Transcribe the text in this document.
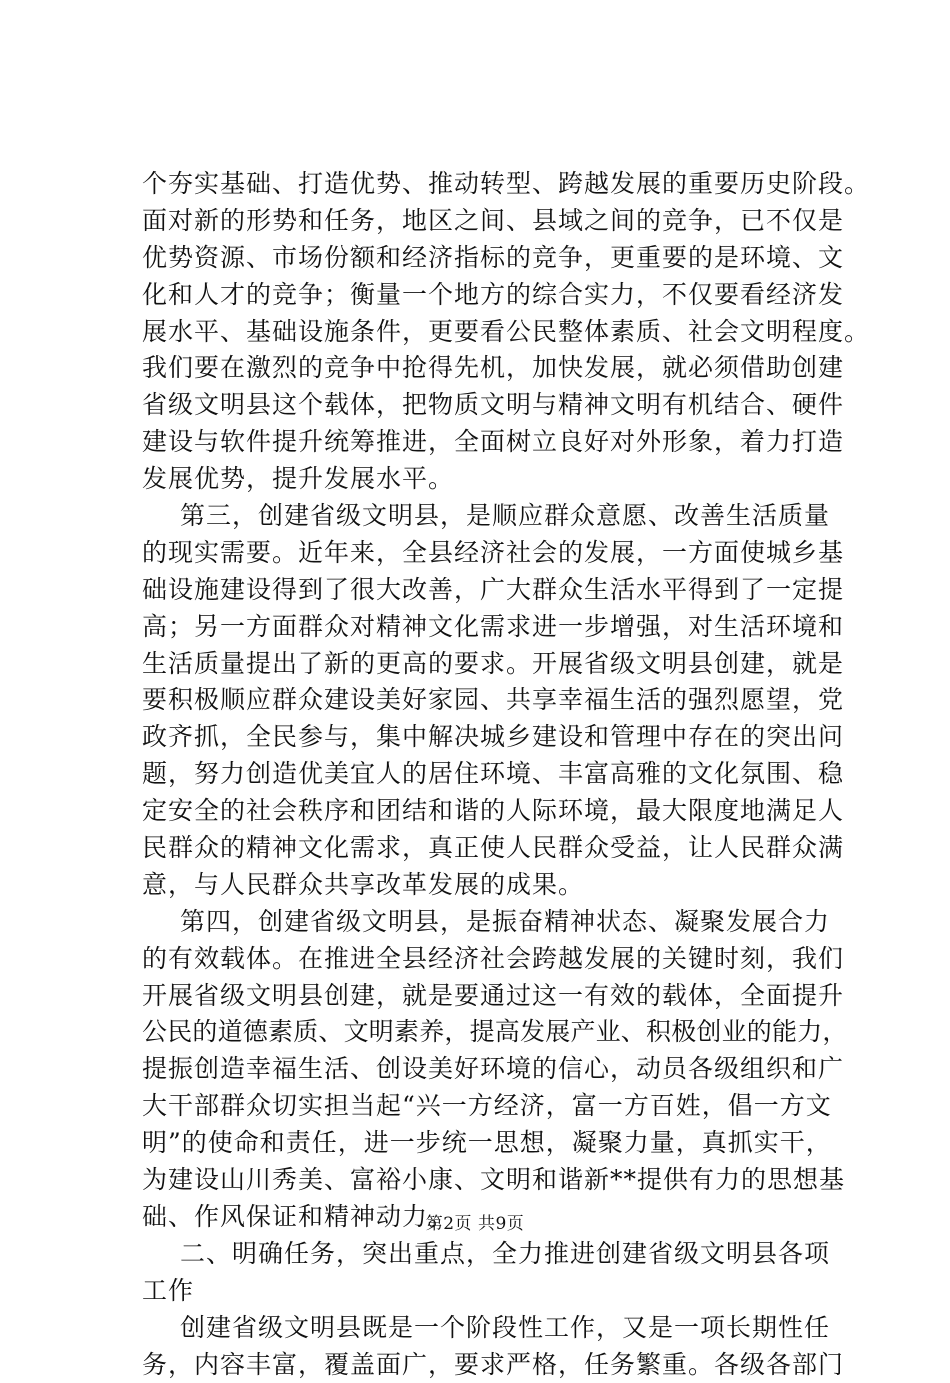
个夯实基础、打造优势、推动转型、跨越发展的重要历史阶段。
面对新的形势和任务，地区之间、县域之间的竞争，已不仅是
优势资源、市场份额和经济指标的竞争，更重要的是环境、文
化和人才的竞争；衡量一个地方的综合实力，不仅要看经济发
展水平、基础设施条件，更要看公民整体素质、社会文明程度。
我们要在激烈的竞争中抢得先机，加快发展，就必须借助创建
省级文明县这个载体，把物质文明与精神文明有机结合、硬件
建设与软件提升统筹推进，全面树立良好对外形象，着力打造
发展优势，提升发展水平。
第三，创建省级文明县，是顺应群众意愿、改善生活质量
的现实需要。近年来，全县经济社会的发展，一方面使城乡基
础设施建设得到了很大改善，广大群众生活水平得到了一定提
高；另一方面群众对精神文化需求进一步增强，对生活环境和
生活质量提出了新的更高的要求。开展省级文明县创建，就是
要积极顺应群众建设美好家园、共享幸福生活的强烈愿望，党
政齐抓，全民参与，集中解决城乡建设和管理中存在的突出问
题，努力创造优美宜人的居住环境、丰富高雅的文化氛围、稳
定安全的社会秩序和团结和谐的人际环境，最大限度地满足人
民群众的精神文化需求，真正使人民群众受益，让人民群众满
意，与人民群众共享改革发展的成果。
第四，创建省级文明县，是振奋精神状态、凝聚发展合力
的有效载体。在推进全县经济社会跨越发展的关键时刻，我们
开展省级文明县创建，就是要通过这一有效的载体，全面提升
公民的道德素质、文明素养，提高发展产业、积极创业的能力，
提振创造幸福生活、创设美好环境的信心，动员各级组织和广
大干部群众切实担当起“兴一方经济，富一方百姓，倡一方文
明”的使命和责任，进一步统一思想，凝聚力量，真抓实干，
为建设山川秀美、富裕小康、文明和谐新**提供有力的思想基
础、作风保证和精神动力。
二、明确任务，突出重点，全力推进创建省级文明县各项
工作
创建省级文明县既是一个阶段性工作，又是一项长期性任
务，内容丰富，覆盖面广，要求严格，任务繁重。各级各部门
第2页 共9页
